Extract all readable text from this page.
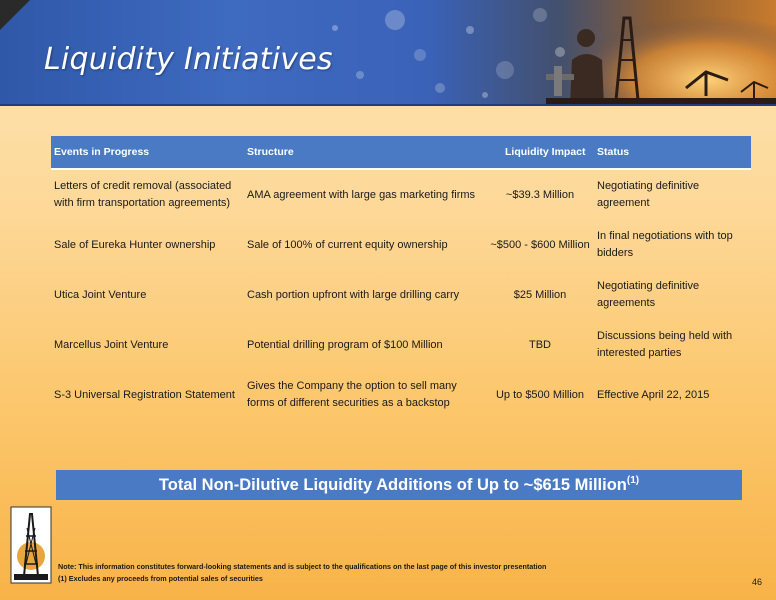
Liquidity Initiatives
Events in Progress	Structure	Liquidity Impact	Status
Letters of credit removal (associated with firm transportation agreements)	AMA agreement with large gas marketing firms	~$39.3 Million	Negotiating definitive agreement
Sale of Eureka Hunter ownership	Sale of 100% of current equity ownership	~$500 - $600 Million	In final negotiations with top bidders
Utica Joint Venture	Cash portion upfront with large drilling carry	$25 Million	Negotiating definitive agreements
Marcellus Joint Venture	Potential drilling program of $100 Million	TBD	Discussions being held with interested parties
S-3 Universal Registration Statement	Gives the Company the option to sell many forms of different securities as a backstop	Up to $500 Million	Effective April 22, 2015
Total Non-Dilutive Liquidity Additions of Up to ~$615 Million$^{(1)}$
Note: This information constitutes forward-looking statements and is subject to the qualifications on the last page of this investor presentation
(1) Excludes any proceeds from potential sales of securities	46
